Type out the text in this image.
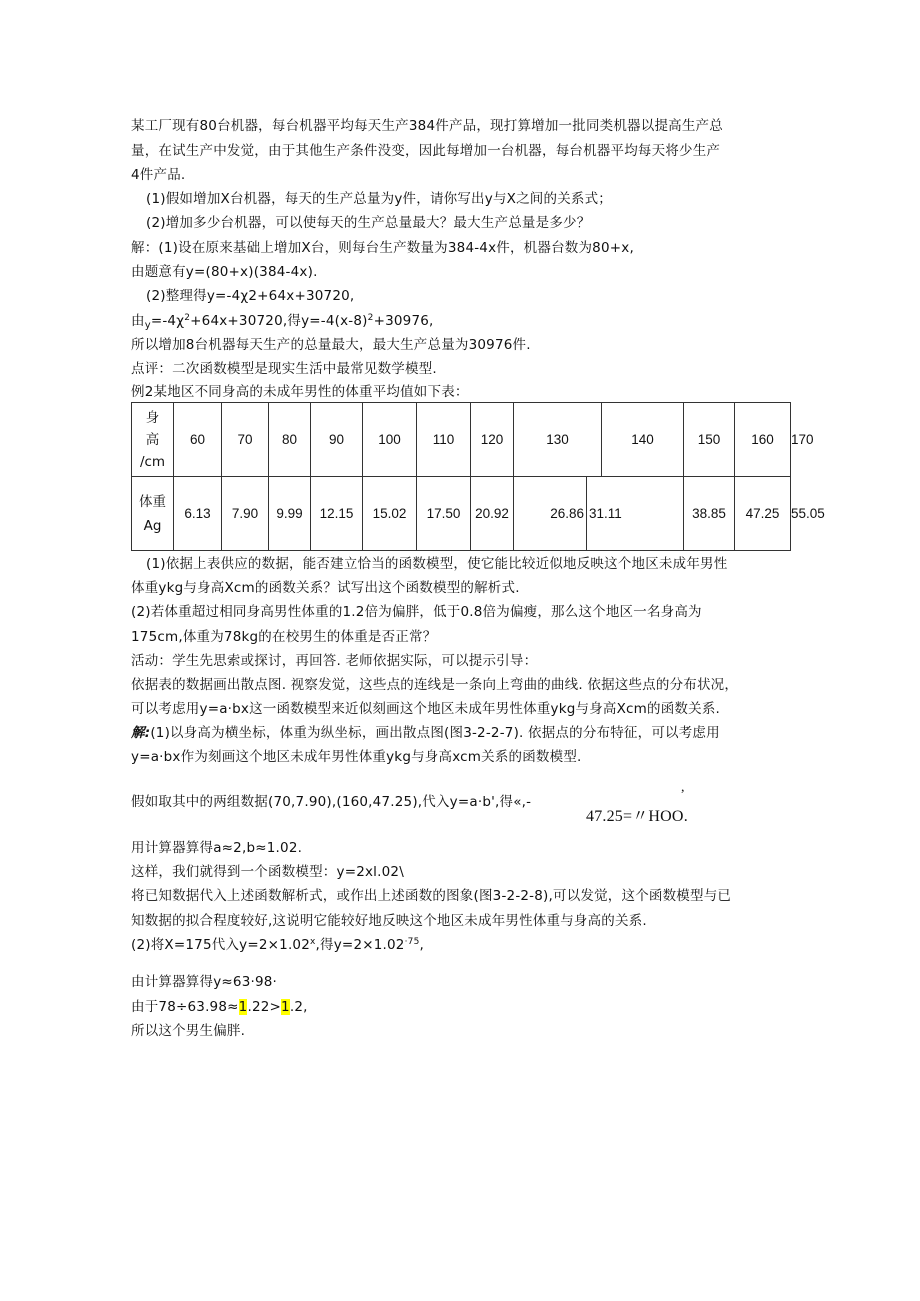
某工厂现有80台机器，每台机器平均每天生产384件产品，现打算增加一批同类机器以提高生产总
量，在试生产中发觉，由于其他生产条件没变，因此每增加一台机器，每台机器平均每天将少生产
4件产品.
(1)假如增加X台机器，每天的生产总量为y件，请你写出y与X之间的关系式；
(2)增加多少台机器，可以使每天的生产总量最大？最大生产总量是多少？
解：(1)设在原来基础上增加X台，则每台生产数量为384-4x件，机器台数为80+x,
由题意有y=(80+x)(384-4x).
(2)整理得y=-4χ2+64x+30720,
由$_y=-4\chi^2+64x+30720$,得$y=-4(x-8)^2+30976$,
所以增加8台机器每天生产的总量最大，最大生产总量为30976件.
点评：二次函数模型是现实生活中最常见数学模型.
例2某地区不同身高的未成年男性的体重平均值如下表：
身
高
/cm	60	70	80	90	100	110	120	130		140	150	160	170

体重
Ag	6.13	7.90	9.99	12.15	15.02	17.50	20.92	26.86	31.11		38.85	47.25	55.05
(1)依据上表供应的数据，能否建立恰当的函数模型，使它能比较近似地反映这个地区未成年男性
体重ykg与身高Xcm的函数关系？试写出这个函数模型的解析式.
(2)若体重超过相同身高男性体重的1.2倍为偏胖，低于0.8倍为偏瘦，那么这个地区一名身高为
175cm,体重为78kg的在校男生的体重是否正常？
活动：学生先思索或探讨，再回答. 老师依据实际，可以提示引导：
依据表的数据画出散点图. 视察发觉，这些点的连线是一条向上弯曲的曲线. 依据这些点的分布状况，
可以考虑用y=a·bx这一函数模型来近似刻画这个地区未成年男性体重ykg与身高Xcm的函数关系.
解:(1)以身高为横坐标，体重为纵坐标，画出散点图(图3-2-2-7). 依据点的分布特征，可以考虑用
y=a·bx作为刻画这个地区未成年男性体重ykg与身高xcm关系的函数模型.
,
假如取其中的两组数据(70,7.90),(160,47.25),代入y=a·b',得«,-
47.25=〃HOO.
用计算器算得a≈2,b≈1.02.
这样，我们就得到一个函数模型：y=2xl.02\
将已知数据代入上述函数解析式，或作出上述函数的图象(图3-2-2-8),可以发觉，这个函数模型与已
知数据的拟合程度较好,这说明它能较好地反映这个地区未成年男性体重与身高的关系.
(2)将X=175代入$y=2\times 1.02^x$,得$y=2\times 1.02^{\cdot 75}$,
由计算器算得y≈63·98·
由于78÷63.98≈1.22>1.2,
所以这个男生偏胖.
